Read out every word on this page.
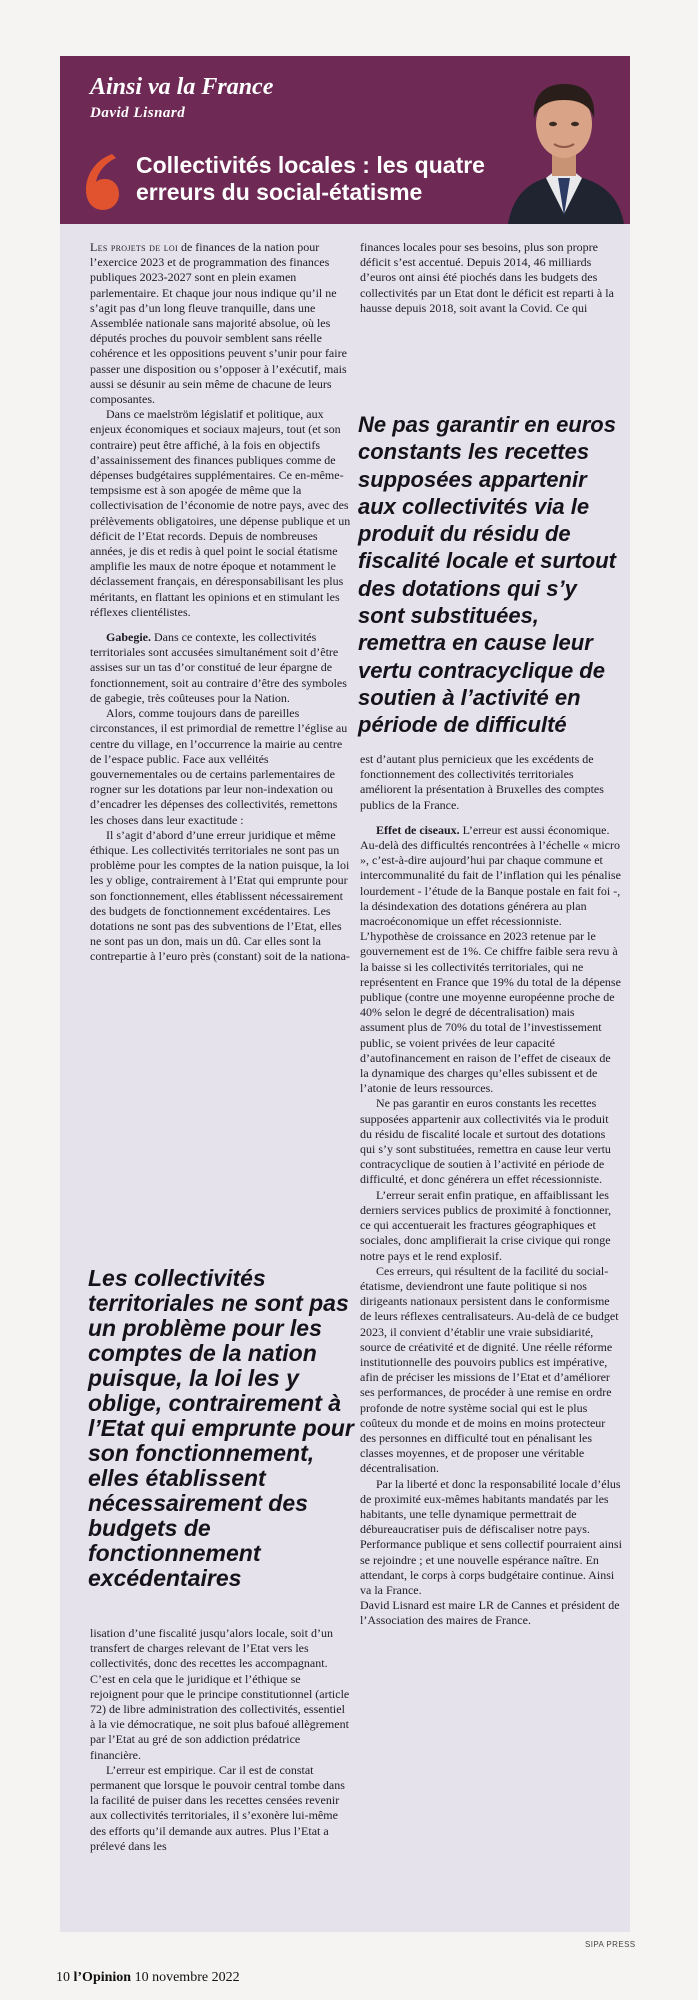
Ainsi va la France
David Lisnard
Collectivités locales : les quatre erreurs du social-étatisme

Les projets de loi de finances de la nation pour l’exercice 2023 et de programmation des finances publiques 2023-2027 sont en plein examen parlementaire. Et chaque jour nous indique qu’il ne s’agit pas d’un long fleuve tranquille, dans une Assemblée nationale sans majorité absolue, où les députés proches du pouvoir semblent sans réelle cohérence et les oppositions peuvent s’unir pour faire passer une disposition ou s’opposer à l’exécutif, mais aussi se désunir au sein même de chacune de leurs composantes.

Dans ce maelström législatif et politique, aux enjeux économiques et sociaux majeurs, tout (et son contraire) peut être affiché, à la fois en objectifs d’assainissement des finances publiques comme de dépenses budgétaires supplémentaires. Ce en-même-tempsisme est à son apogée de même que la collectivisation de l’économie de notre pays, avec des prélèvements obligatoires, une dépense publique et un déficit de l’Etat records. Depuis de nombreuses années, je dis et redis à quel point le social étatisme amplifie les maux de notre époque et notamment le déclassement français, en déresponsabilisant les plus méritants, en flattant les opinions et en stimulant les réflexes clientélistes.

Gabegie. Dans ce contexte, les collectivités territoriales sont accusées simultanément soit d’être assises sur un tas d’or constitué de leur épargne de fonctionnement, soit au contraire d’être des symboles de gabegie, très coûteuses pour la Nation.

Alors, comme toujours dans de pareilles circonstances, il est primordial de remettre l’église au centre du village, en l’occurrence la mairie au centre de l’espace public. Face aux velléités gouvernementales ou de certains parlementaires de rogner sur les dotations par leur non-indexation ou d’encadrer les dépenses des collectivités, remettons les choses dans leur exactitude :

Il s’agit d’abord d’une erreur juridique et même éthique. Les collectivités territoriales ne sont pas un problème pour les comptes de la nation puisque, la loi les y oblige, contrairement à l’Etat qui emprunte pour son fonctionnement, elles établissent nécessairement des budgets de fonctionnement excédentaires. Les dotations ne sont pas des subventions de l’Etat, elles ne sont pas un don, mais un dû. Car elles sont la contrepartie à l’euro près (constant) soit de la nationa-

Les collectivités territoriales ne sont pas un problème pour les comptes de la nation puisque, la loi les y oblige, contrairement à l’Etat qui emprunte pour son fonctionnement, elles établissent nécessairement des budgets de fonctionnement excédentaires

lisation d’une fiscalité jusqu’alors locale, soit d’un transfert de charges relevant de l’Etat vers les collectivités, donc des recettes les accompagnant. C’est en cela que le juridique et l’éthique se rejoignent pour que le principe constitutionnel (article 72) de libre administration des collectivités, essentiel à la vie démocratique, ne soit plus bafoué allègrement par l’Etat au gré de son addiction prédatrice financière.

L’erreur est empirique. Car il est de constat permanent que lorsque le pouvoir central tombe dans la facilité de puiser dans les recettes censées revenir aux collectivités territoriales, il s’exonère lui-même des efforts qu’il demande aux autres. Plus l’Etat a prélevé dans les

finances locales pour ses besoins, plus son propre déficit s’est accentué. Depuis 2014, 46 milliards d’euros ont ainsi été piochés dans les budgets des collectivités par un Etat dont le déficit est reparti à la hausse depuis 2018, soit avant la Covid. Ce qui

Ne pas garantir en euros constants les recettes supposées appartenir aux collectivités via le produit du résidu de fiscalité locale et surtout des dotations qui s’y sont substituées, remettra en cause leur vertu contracyclique de soutien à l’activité en période de difficulté

est d’autant plus pernicieux que les excédents de fonctionnement des collectivités territoriales améliorent la présentation à Bruxelles des comptes publics de la France.

Effet de ciseaux. L’erreur est aussi économique. Au-delà des difficultés rencontrées à l’échelle « micro », c’est-à-dire aujourd’hui par chaque commune et intercommunalité du fait de l’inflation qui les pénalise lourdement - l’étude de la Banque postale en fait foi -, la désindexation des dotations générera au plan macroéconomique un effet récessionniste. L’hypothèse de croissance en 2023 retenue par le gouvernement est de 1%. Ce chiffre faible sera revu à la baisse si les collectivités territoriales, qui ne représentent en France que 19% du total de la dépense publique (contre une moyenne européenne proche de 40% selon le degré de décentralisation) mais assument plus de 70% du total de l’investissement public, se voient privées de leur capacité d’autofinancement en raison de l’effet de ciseaux de la dynamique des charges qu’elles subissent et de l’atonie de leurs ressources.

Ne pas garantir en euros constants les recettes supposées appartenir aux collectivités via le produit du résidu de fiscalité locale et surtout des dotations qui s’y sont substituées, remettra en cause leur vertu contracyclique de soutien à l’activité en période de difficulté, et donc générera un effet récessionniste.

L’erreur serait enfin pratique, en affaiblissant les derniers services publics de proximité à fonctionner, ce qui accentuerait les fractures géographiques et sociales, donc amplifierait la crise civique qui ronge notre pays et le rend explosif.

Ces erreurs, qui résultent de la facilité du social-étatisme, deviendront une faute politique si nos dirigeants nationaux persistent dans le conformisme de leurs réflexes centralisateurs. Au-delà de ce budget 2023, il convient d’établir une vraie subsidiarité, source de créativité et de dignité. Une réelle réforme institutionnelle des pouvoirs publics est impérative, afin de préciser les missions de l’Etat et d’améliorer ses performances, de procéder à une remise en ordre profonde de notre système social qui est le plus coûteux du monde et de moins en moins protecteur des personnes en difficulté tout en pénalisant les classes moyennes, et de proposer une véritable décentralisation.

Par la liberté et donc la responsabilité locale d’élus de proximité eux-mêmes habitants mandatés par les habitants, une telle dynamique permettrait de débureaucratiser puis de défiscaliser notre pays. Performance publique et sens collectif pourraient ainsi se rejoindre ; et une nouvelle espérance naître. En attendant, le corps à corps budgétaire continue. Ainsi va la France.

David Lisnard est maire LR de Cannes et président de l’Association des maires de France.

SIPA PRESS
10 l’Opinion 10 novembre 2022
